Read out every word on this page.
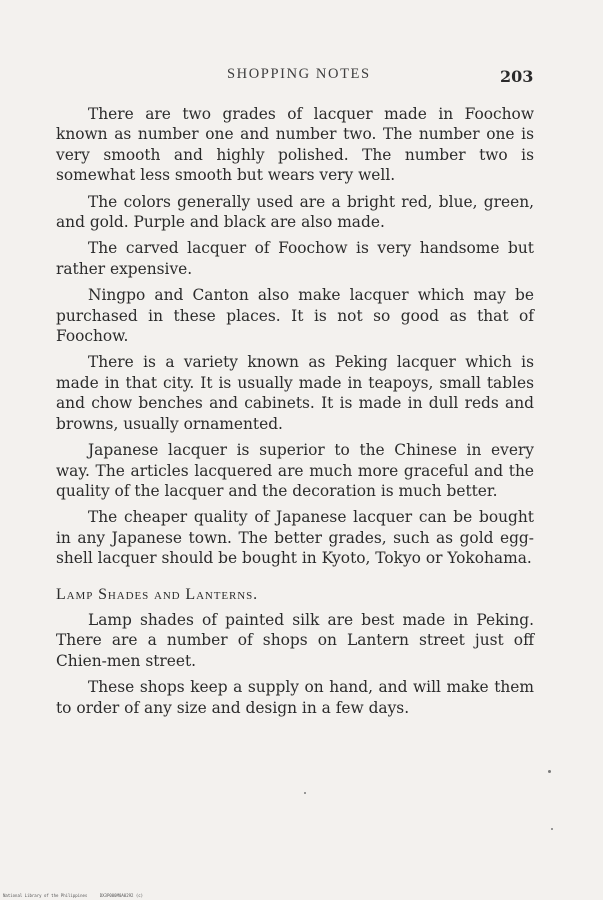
SHOPPING NOTES	203

There are two grades of lacquer made in Foochow known as number one and number two. The number one is very smooth and highly polished. The number two is somewhat less smooth but wears very well.

The colors generally used are a bright red, blue, green, and gold. Purple and black are also made.

The carved lacquer of Foochow is very handsome but rather expensive.

Ningpo and Canton also make lacquer which may be purchased in these places. It is not so good as that of Foochow.

There is a variety known as Peking lacquer which is made in that city. It is usually made in teapoys, small tables and chow benches and cabinets. It is made in dull reds and browns, usually ornamented.

Japanese lacquer is superior to the Chinese in every way. The articles lacquered are much more graceful and the quality of the lacquer and the decoration is much better.

The cheaper quality of Japanese lacquer can be bought in any Japanese town. The better grades, such as gold egg-shell lacquer should be bought in Kyoto, Tokyo or Yokohama.

Lamp Shades and Lanterns.

Lamp shades of painted silk are best made in Peking. There are a number of shops on Lantern street just off Chien-men street.

These shops keep a supply on hand, and will make them to order of any size and design in a few days.

National Library of the Philippines	DX3P000M0A0292 (c)
